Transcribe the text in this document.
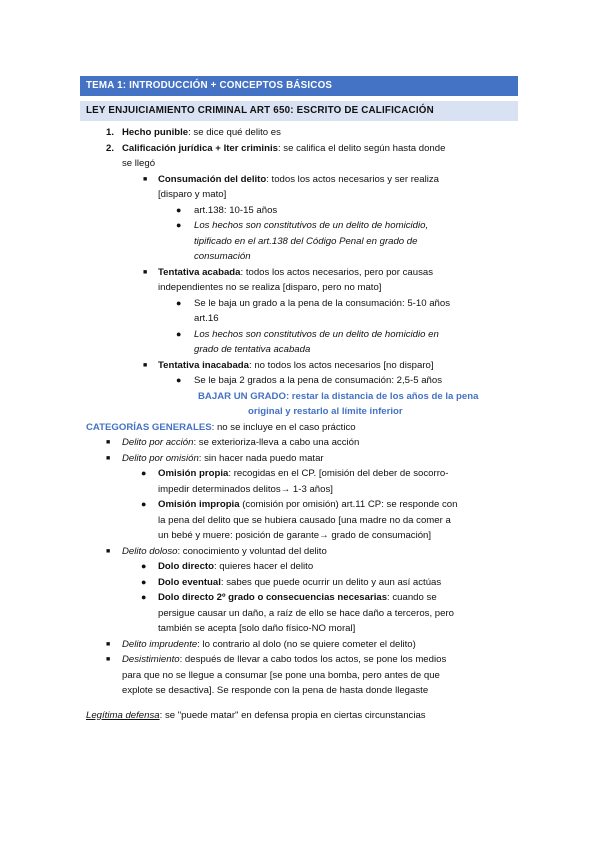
TEMA 1: INTRODUCCIÓN + CONCEPTOS BÁSICOS
LEY ENJUICIAMIENTO CRIMINAL ART 650: ESCRITO DE CALIFICACIÓN
1. Hecho punible: se dice qué delito es
2. Calificación jurídica + Iter criminis: se califica el delito según hasta donde
se llegó
■ Consumación del delito: todos los actos necesarios y ser realiza
[disparo y mato]
● art.138: 10-15 años
● Los hechos son constitutivos de un delito de homicidio,
tipificado en el art.138 del Código Penal en grado de
consumación
■ Tentativa acabada: todos los actos necesarios, pero por causas
independientes no se realiza [disparo, pero no mato]
● Se le baja un grado a la pena de la consumación: 5-10 años
art.16
● Los hechos son constitutivos de un delito de homicidio en
grado de tentativa acabada
■ Tentativa inacabada: no todos los actos necesarios [no disparo]
● Se le baja 2 grados a la pena de consumación: 2,5-5 años
BAJAR UN GRADO: restar la distancia de los años de la pena
original y restarlo al límite inferior
CATEGORÍAS GENERALES: no se incluye en el caso práctico
■ Delito por acción: se exterioriza-lleva a cabo una acción
■ Delito por omisión: sin hacer nada puedo matar
● Omisión propia: recogidas en el CP. [omisión del deber de socorro-
impedir determinados delitos→ 1-3 años]
● Omisión impropia (comisión por omisión) art.11 CP: se responde con
la pena del delito que se hubiera causado [una madre no da comer a
un bebé y muere: posición de garante→ grado de consumación]
■ Delito doloso: conocimiento y voluntad del delito
● Dolo directo: quieres hacer el delito
● Dolo eventual: sabes que puede ocurrir un delito y aun así actúas
● Dolo directo 2º grado o consecuencias necesarias: cuando se
persigue causar un daño, a raíz de ello se hace daño a terceros, pero
también se acepta [solo daño físico-NO moral]
■ Delito imprudente: lo contrario al dolo (no se quiere cometer el delito)
■ Desistimiento: después de llevar a cabo todos los actos, se pone los medios
para que no se llegue a consumar [se pone una bomba, pero antes de que
explote se desactiva]. Se responde con la pena de hasta donde llegaste
Legítima defensa: se "puede matar" en defensa propia en ciertas circunstancias
